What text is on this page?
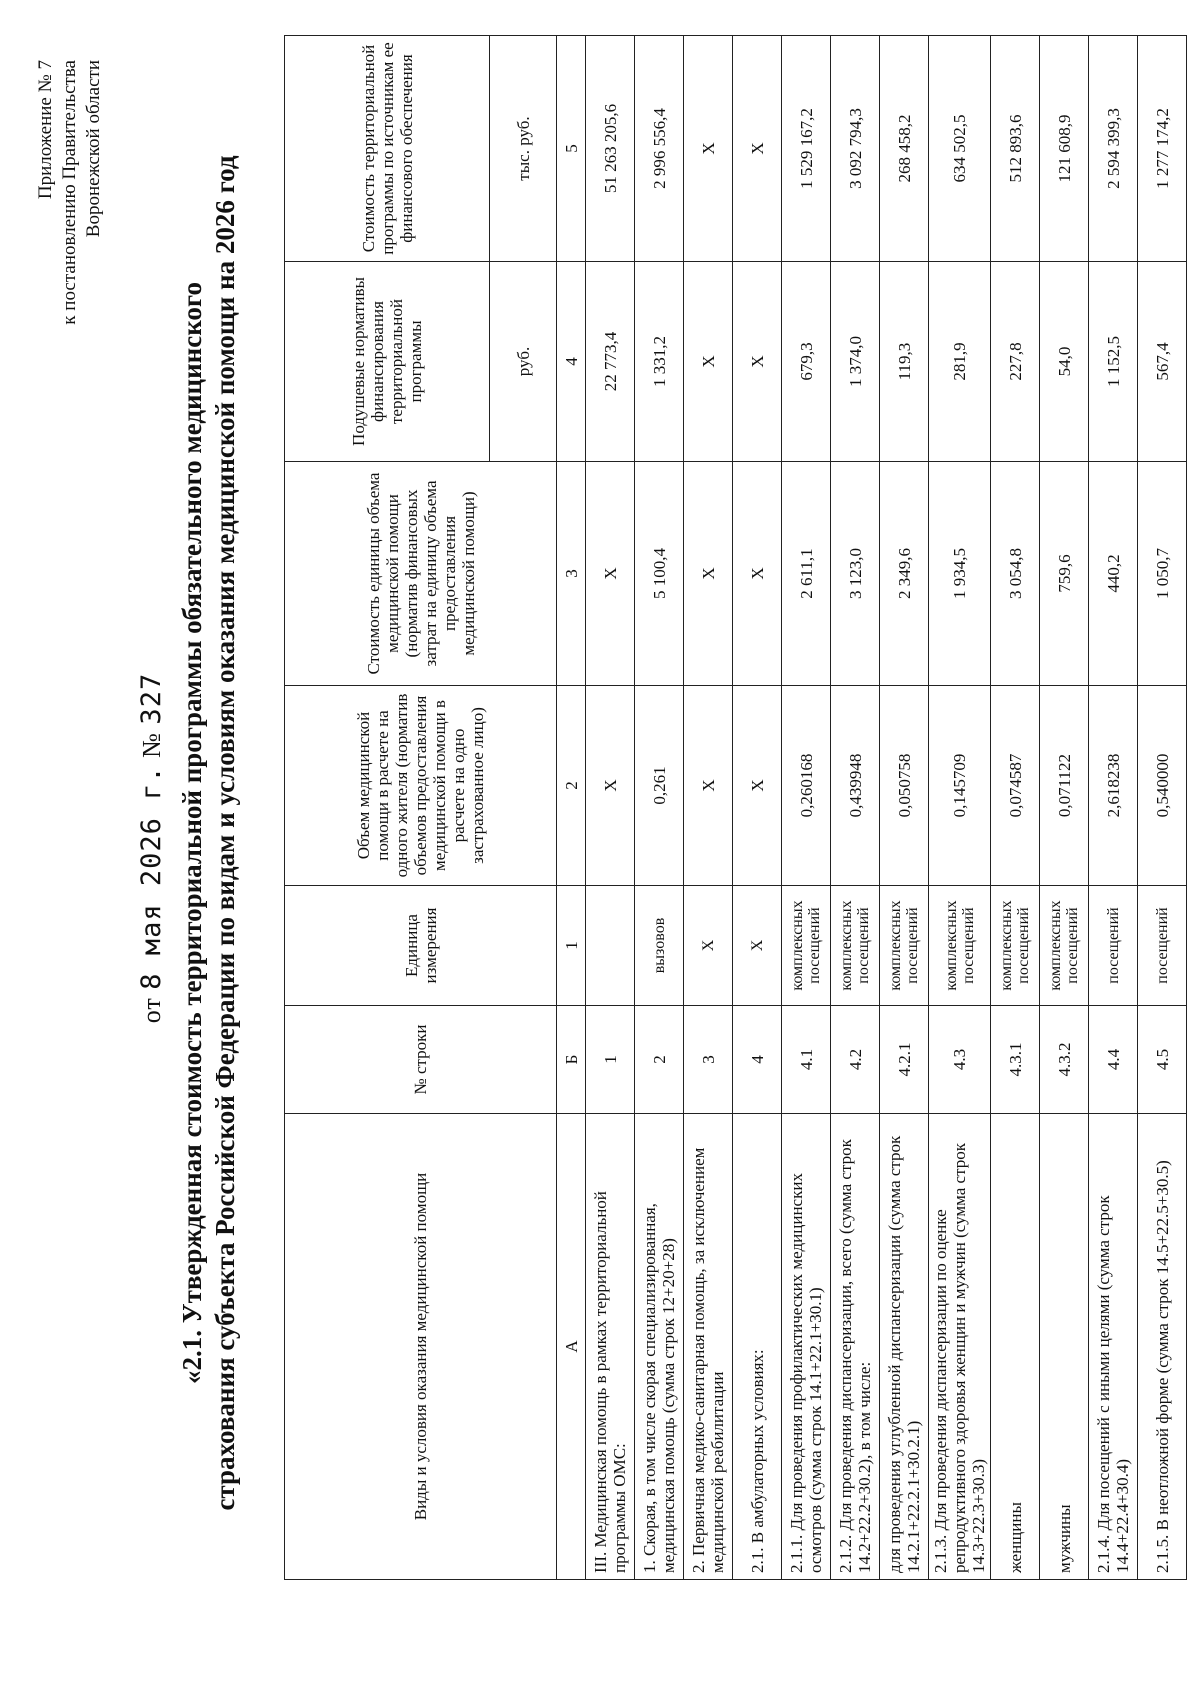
Приложение № 7 к постановлению Правительства Воронежской области
от 8 мая 2026 г. № 327 «2.1. Утвержденная стоимость территориальной программы обязательного медицинского страхования субъекта Российской Федерации по видам и условиям оказания медицинской помощи на 2026 год	Виды и условия оказания медицинской помощи	№ строки	Единица измерения	Объем медицинской помощи в расчете на одного жителя (норматив объемов предоставления медицинской помощи в расчете на одно застрахованное лицо)	Стоимость единицы объема медицинской помощи (норматив финансовых затрат на единицу объема предоставления медицинской помощи)	Подушевые нормативы финансирования территориальной программы	Стоимость территориальной программы по источникам ее финансового обеспечения
					руб.	тыс. руб.
А	Б	1	2	3	4	5
III. Медицинская помощь в рамках территориальной программы ОМС:	1		Х	Х	22 773,4	51 263 205,6
1. Скорая, в том числе скорая специализированная, медицинская помощь (сумма строк 12+20+28)	2	вызовов	0,261	5 100,4	1 331,2	2 996 556,4
2. Первичная медико-санитарная помощь, за исключением медицинской реабилитации	3	Х	Х	Х	Х	Х
2.1. В амбулаторных условиях:	4	Х	Х	Х	Х	Х
2.1.1. Для проведения профилактических медицинских осмотров (сумма строк 14.1+22.1+30.1)	4.1	комплексных посещений	0,260168	2 611,1	679,3	1 529 167,2
2.1.2. Для проведения диспансеризации, всего (сумма строк 14.2+22.2+30.2), в том числе:	4.2	комплексных посещений	0,439948	3 123,0	1 374,0	3 092 794,3
для проведения углубленной диспансеризации (сумма строк 14.2.1+22.2.1+30.2.1)	4.2.1	комплексных посещений	0,050758	2 349,6	119,3	268 458,2
2.1.3. Для проведения диспансеризации по оценке репродуктивного здоровья женщин и мужчин (сумма строк 14.3+22.3+30.3)	4.3	комплексных посещений	0,145709	1 934,5	281,9	634 502,5
женщины	4.3.1	комплексных посещений	0,074587	3 054,8	227,8	512 893,6
мужчины	4.3.2	комплексных посещений	0,071122	759,6	54,0	121 608,9
2.1.4. Для посещений с иными целями (сумма строк 14.4+22.4+30.4)	4.4	посещений	2,618238	440,2	1 152,5	2 594 399,3
2.1.5. В неотложной форме (сумма строк 14.5+22.5+30.5)	4.5	посещений	0,540000	1 050,7	567,4	1 277 174,2
